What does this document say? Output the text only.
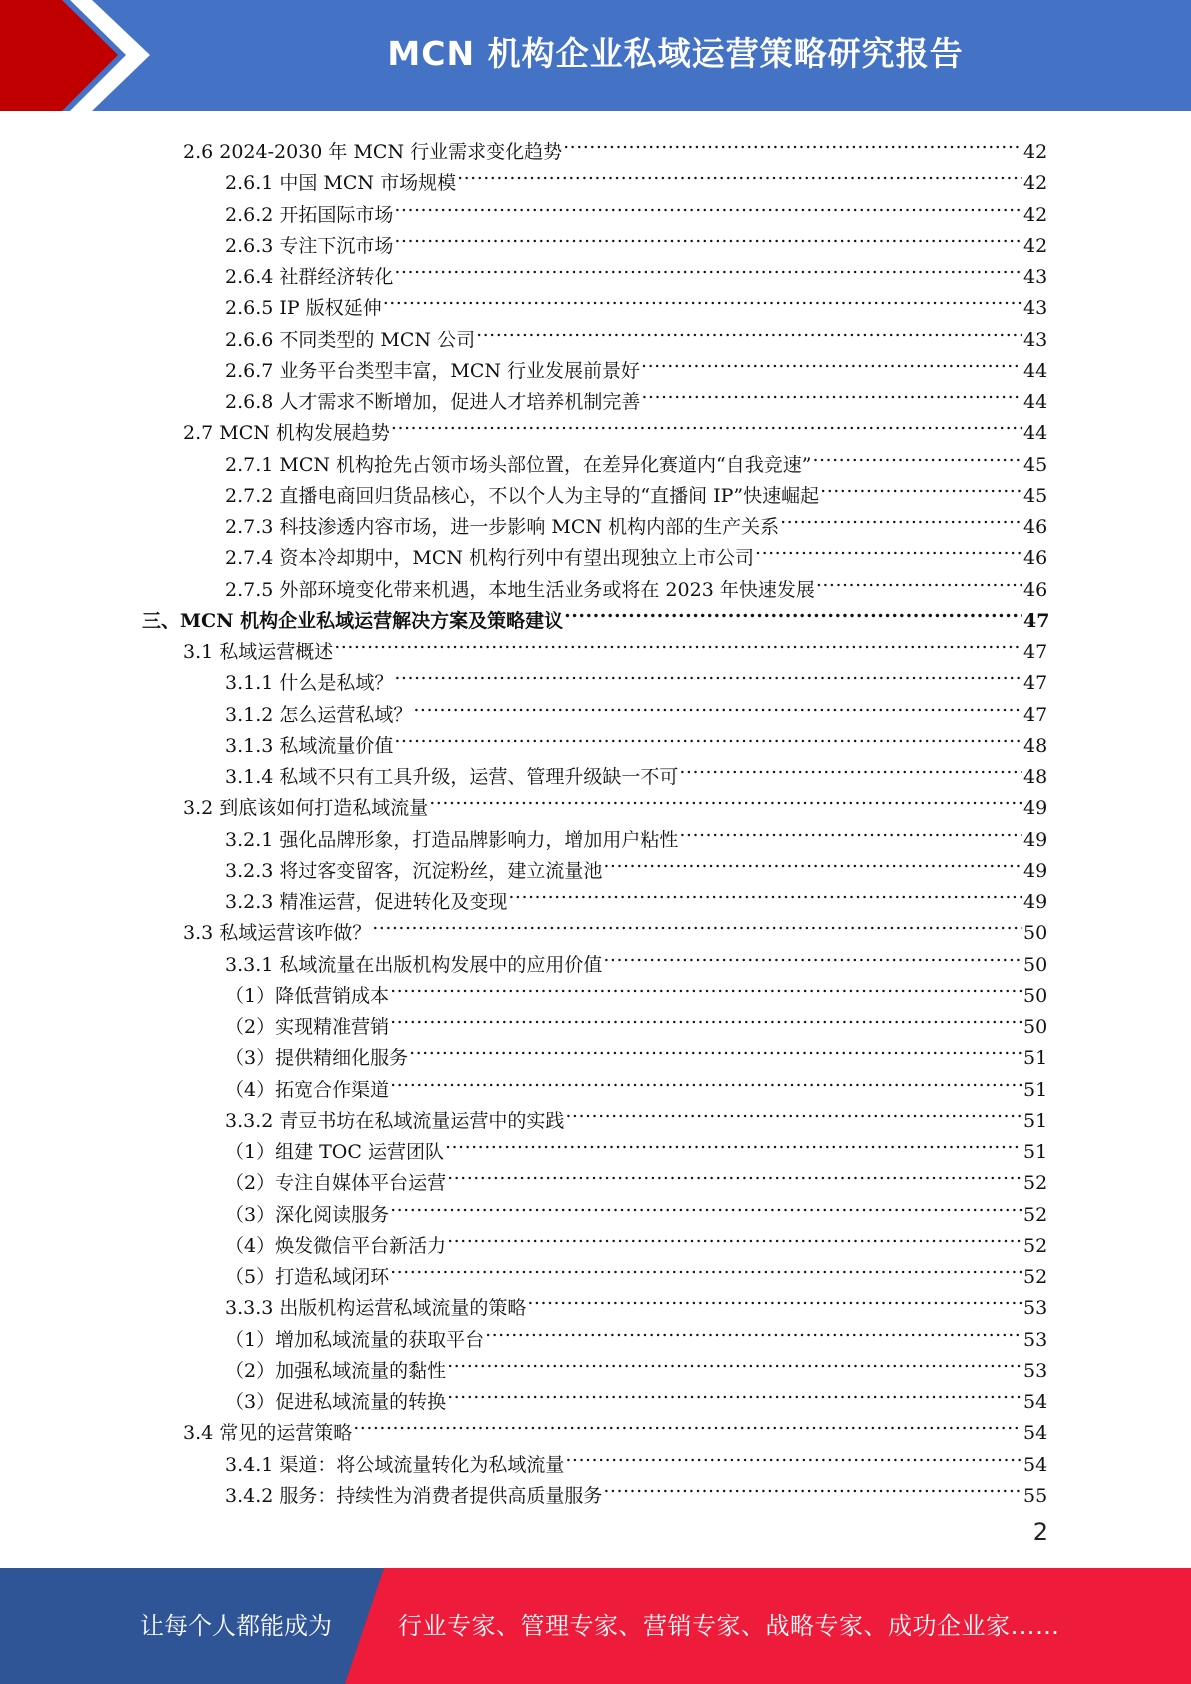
MCN 机构企业私域运营策略研究报告
2.6 2024-2030 年 MCN 行业需求变化趋势 .....	42
2.6.1 中国 MCN 市场规模 .....	42
2.6.2 开拓国际市场 .....	42
2.6.3 专注下沉市场 .....	42
2.6.4 社群经济转化 .....	43
2.6.5 IP 版权延伸 .....	43
2.6.6 不同类型的 MCN 公司 .....	43
2.6.7 业务平台类型丰富，MCN 行业发展前景好 .....	44
2.6.8 人才需求不断增加，促进人才培养机制完善 .....	44
2.7 MCN 机构发展趋势 .....	44
2.7.1 MCN 机构抢先占领市场头部位置，在差异化赛道内“自我竞速” .....	45
2.7.2 直播电商回归货品核心，不以个人为主导的“直播间 IP”快速崛起 .....	45
2.7.3 科技渗透内容市场，进一步影响 MCN 机构内部的生产关系 .....	46
2.7.4 资本冷却期中，MCN 机构行列中有望出现独立上市公司 .....	46
2.7.5 外部环境变化带来机遇，本地生活业务或将在 2023 年快速发展 .....	46
三、MCN 机构企业私域运营解决方案及策略建议 .....	47
3.1 私域运营概述 .....	47
3.1.1 什么是私域？ .....	47
3.1.2 怎么运营私域？ .....	47
3.1.3 私域流量价值 .....	48
3.1.4 私域不只有工具升级，运营、管理升级缺一不可 .....	48
3.2 到底该如何打造私域流量 .....	49
3.2.1 强化品牌形象，打造品牌影响力，增加用户粘性 .....	49
3.2.3 将过客变留客，沉淀粉丝，建立流量池 .....	49
3.2.3 精准运营，促进转化及变现 .....	49
3.3 私域运营该咋做？ .....	50
3.3.1 私域流量在出版机构发展中的应用价值 .....	50
（1）降低营销成本 .....	50
（2）实现精准营销 .....	50
（3）提供精细化服务 .....	51
（4）拓宽合作渠道 .....	51
3.3.2 青豆书坊在私域流量运营中的实践 .....	51
（1）组建 TOC 运营团队 .....	51
（2）专注自媒体平台运营 .....	52
（3）深化阅读服务 .....	52
（4）焕发微信平台新活力 .....	52
（5）打造私域闭环 .....	52
3.3.3 出版机构运营私域流量的策略 .....	53
（1）增加私域流量的获取平台 .....	53
（2）加强私域流量的黏性 .....	53
（3）促进私域流量的转换 .....	54
3.4 常见的运营策略 .....	54
3.4.1 渠道：将公域流量转化为私域流量 .....	54
3.4.2 服务：持续性为消费者提供高质量服务 .....	55
2
让每个人都能成为	行业专家、管理专家、营销专家、战略专家、成功企业家……
